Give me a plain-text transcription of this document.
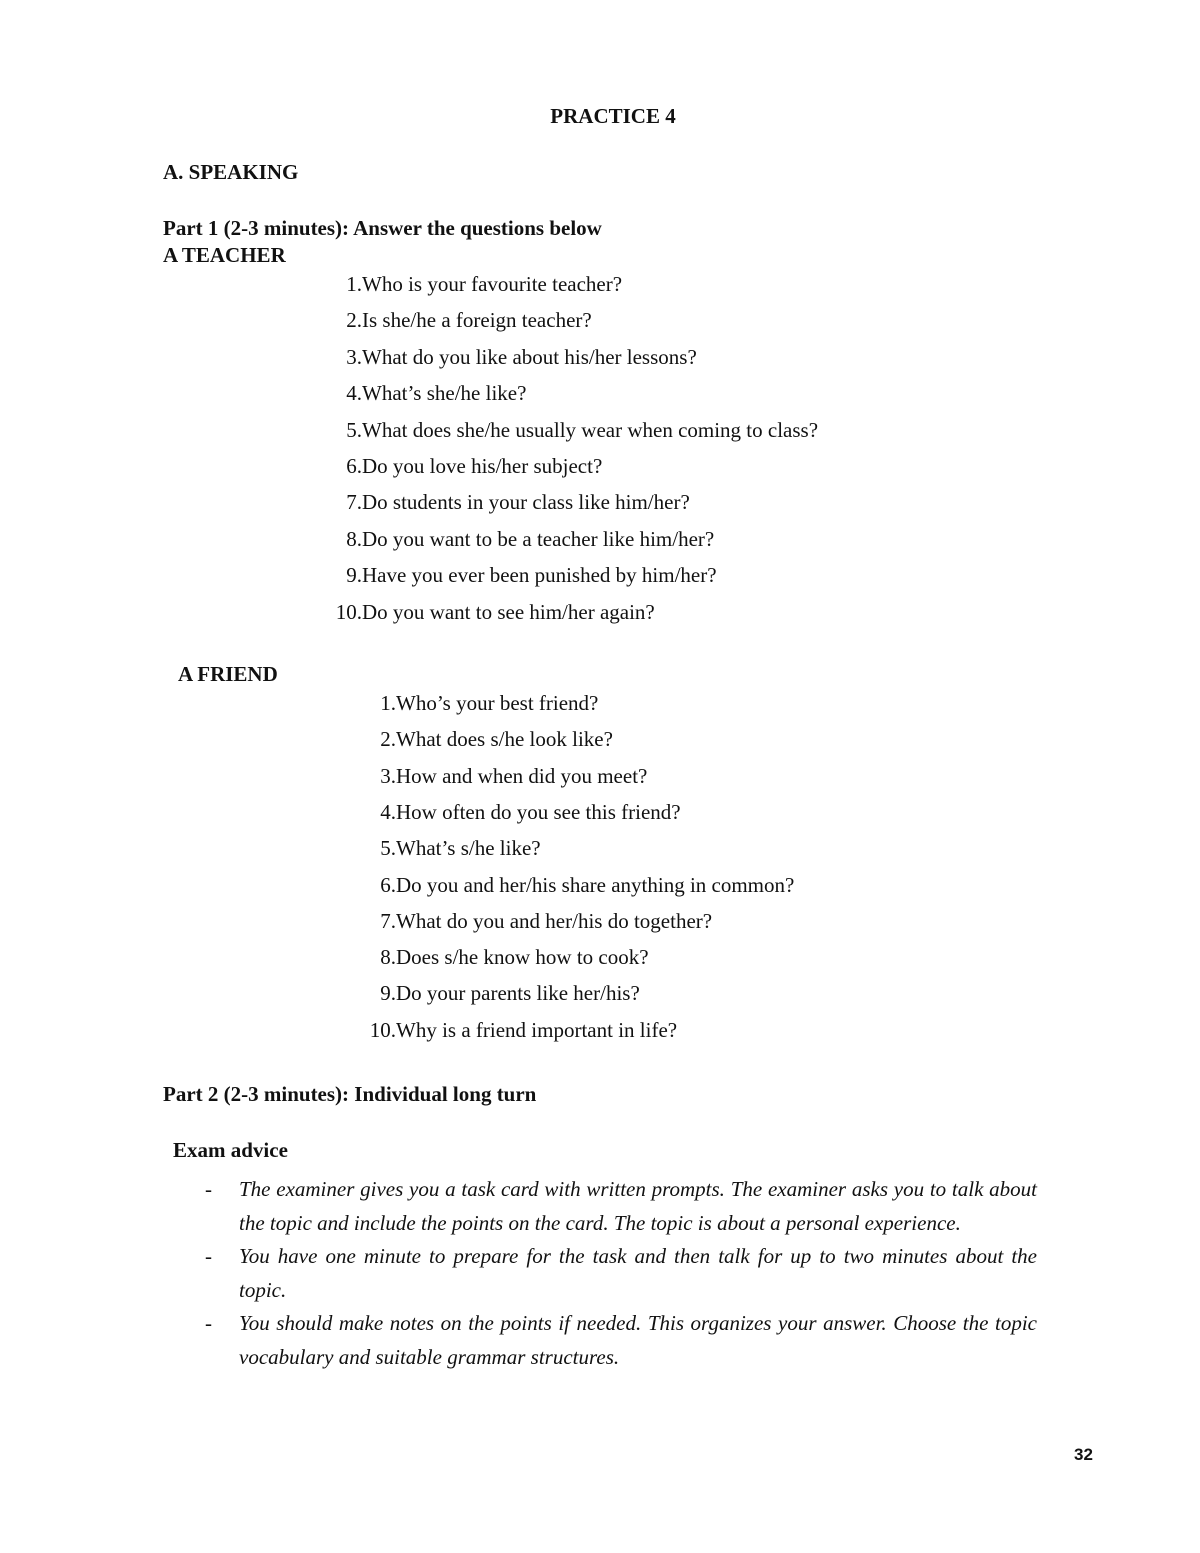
PRACTICE 4
A. SPEAKING
Part 1 (2-3 minutes): Answer the questions below
A TEACHER
1. Who is your favourite teacher?
2. Is she/he a foreign teacher?
3. What do you like about his/her lessons?
4. What’s she/he like?
5. What does she/he usually wear when coming to class?
6. Do you love his/her subject?
7. Do students in your class like him/her?
8. Do you want to be a teacher like him/her?
9. Have you ever been punished by him/her?
10. Do you want to see him/her again?
A FRIEND
1. Who’s your best friend?
2. What does s/he look like?
3. How and when did you meet?
4. How often do you see this friend?
5. What’s s/he like?
6. Do you and her/his share anything in common?
7. What do you and her/his do together?
8. Does s/he know how to cook?
9. Do your parents like her/his?
10. Why is a friend important in life?
Part 2 (2-3 minutes): Individual long turn
Exam advice
- The examiner gives you a task card with written prompts. The examiner asks you to talk about the topic and include the points on the card. The topic is about a personal experience.
- You have one minute to prepare for the task and then talk for up to two minutes about the topic.
- You should make notes on the points if needed. This organizes your answer. Choose the topic vocabulary and suitable grammar structures.
32
